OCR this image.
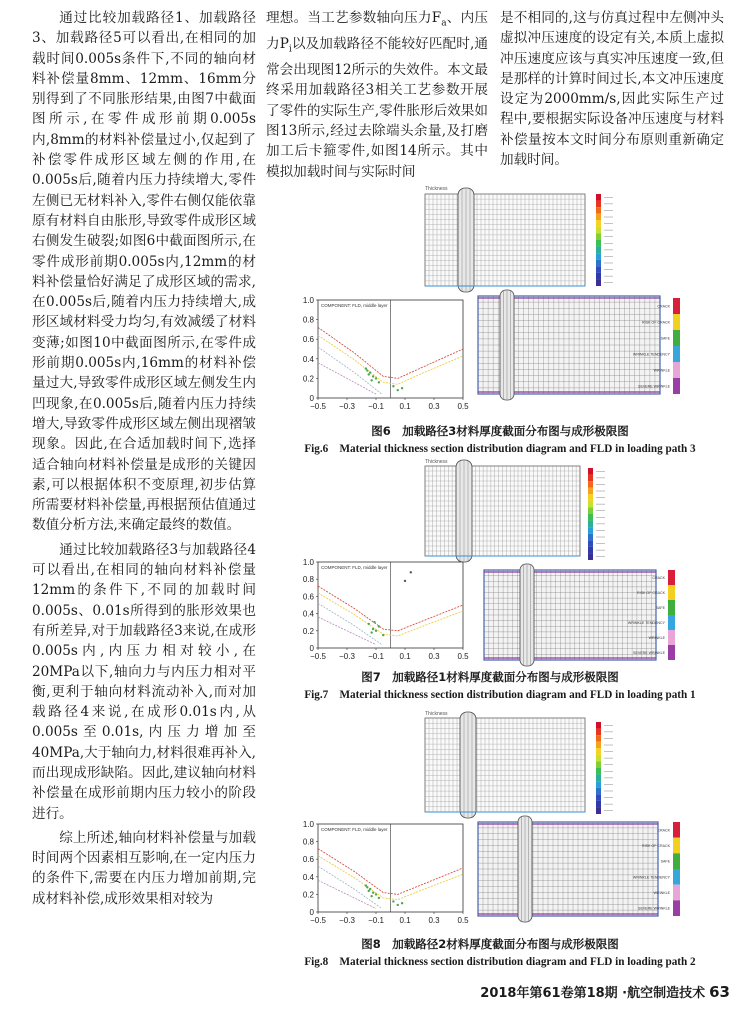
通过比较加载路径1、加载路径3、加载路径5可以看出,在相同的加载时间0.005s条件下,不同的轴向材料补偿量8mm、12mm、16mm分别得到了不同胀形结果,由图7中截面图所示,在零件成形前期0.005s内,8mm的材料补偿量过小,仅起到了补偿零件成形区域左侧的作用,在0.005s后,随着内压力持续增大,零件左侧已无材料补入,零件右侧仅能依靠原有材料自由胀形,导致零件成形区域右侧发生破裂;如图6中截面图所示,在零件成形前期0.005s内,12mm的材料补偿量恰好满足了成形区域的需求,在0.005s后,随着内压力持续增大,成形区域材料受力均匀,有效减缓了材料变薄;如图10中截面图所示,在零件成形前期0.005s内,16mm的材料补偿量过大,导致零件成形区域左侧发生内凹现象,在0.005s后,随着内压力持续增大,导致零件成形区域左侧出现褶皱现象。因此,在合适加载时间下,选择适合轴向材料补偿量是成形的关键因素,可以根据体积不变原理,初步估算所需要材料补偿量,再根据预估值通过数值分析方法,来确定最终的数值。

通过比较加载路径3与加载路径4可以看出,在相同的轴向材料补偿量12mm的条件下,不同的加载时间0.005s、0.01s所得到的胀形效果也有所差异,对于加载路径3来说,在成形0.005s内,内压力相对较小,在20MPa以下,轴向力与内压力相对平衡,更利于轴向材料流动补入,而对加载路径4来说,在成形0.01s内,从0.005s至0.01s,内压力增加至40MPa,大于轴向力,材料很难再补入,而出现成形缺陷。因此,建议轴向材料补偿量在成形前期内压力较小的阶段进行。

综上所述,轴向材料补偿量与加载时间两个因素相互影响,在一定内压力的条件下,需要在内压力增加前期,完成材料补偿,成形效果相对较为

理想。当工艺参数轴向压力$F_a$、内压力$P_i$以及加载路径不能较好匹配时,通常会出现图12所示的失效件。本文最终采用加载路径3相关工艺参数开展了零件的实际生产,零件胀形后效果如图13所示,经过去除端头余量,及打磨加工后卡箍零件,如图14所示。其中模拟加载时间与实际时间

是不相同的,这与仿真过程中左侧冲头虚拟冲压速度的设定有关,本质上虚拟冲压速度应该与真实冲压速度一致,但是那样的计算时间过长,本文冲压速度设定为2000mm/s,因此实际生产过程中,要根据实际设备冲压速度与材料补偿量按本文时间分布原则重新确定加载时间。

Thickness
1.0
0.8
0.6
0.4
0.2
0
−0.5 −0.3 −0.1 0.1 0.3 0.5
COMPONENT: FLD, middle layer	CRACK
RISK OF CRACK
SAFE
WRINKLE TENDENCY
WRINKLE
SEVERE WRINKLE
Thickness
1.0
0.8
0.6
0.4
0.2
0
−0.5 −0.3 −0.1 0.1 0.3 0.5
COMPONENT: FLD, middle layer
CRACK
RISK OF CRACK
SAFE
WRINKLE TENDENCY
WRINKLE
SEVERE WRINKLE
Thickness
1.0
0.8
0.6
0.4
0.2
0
−0.5 −0.3 −0.1 0.1 0.3 0.5
COMPONENT: FLD, middle layer	CRACK
RISK OF CRACK
SAFE
WRINKLE TENDENCY
WRINKLE
SEVERE WRINKLE
图6　加载路径3材料厚度截面分布图与成形极限图
Fig.6　Material thickness section distribution diagram and FLD in loading path 3
图7　加载路径1材料厚度截面分布图与成形极限图
Fig.7　Material thickness section distribution diagram and FLD in loading path 1
图8　加载路径2材料厚度截面分布图与成形极限图
Fig.8　Material thickness section distribution diagram and FLD in loading path 2
2018年第61卷第18期 ·航空制造技术 63
